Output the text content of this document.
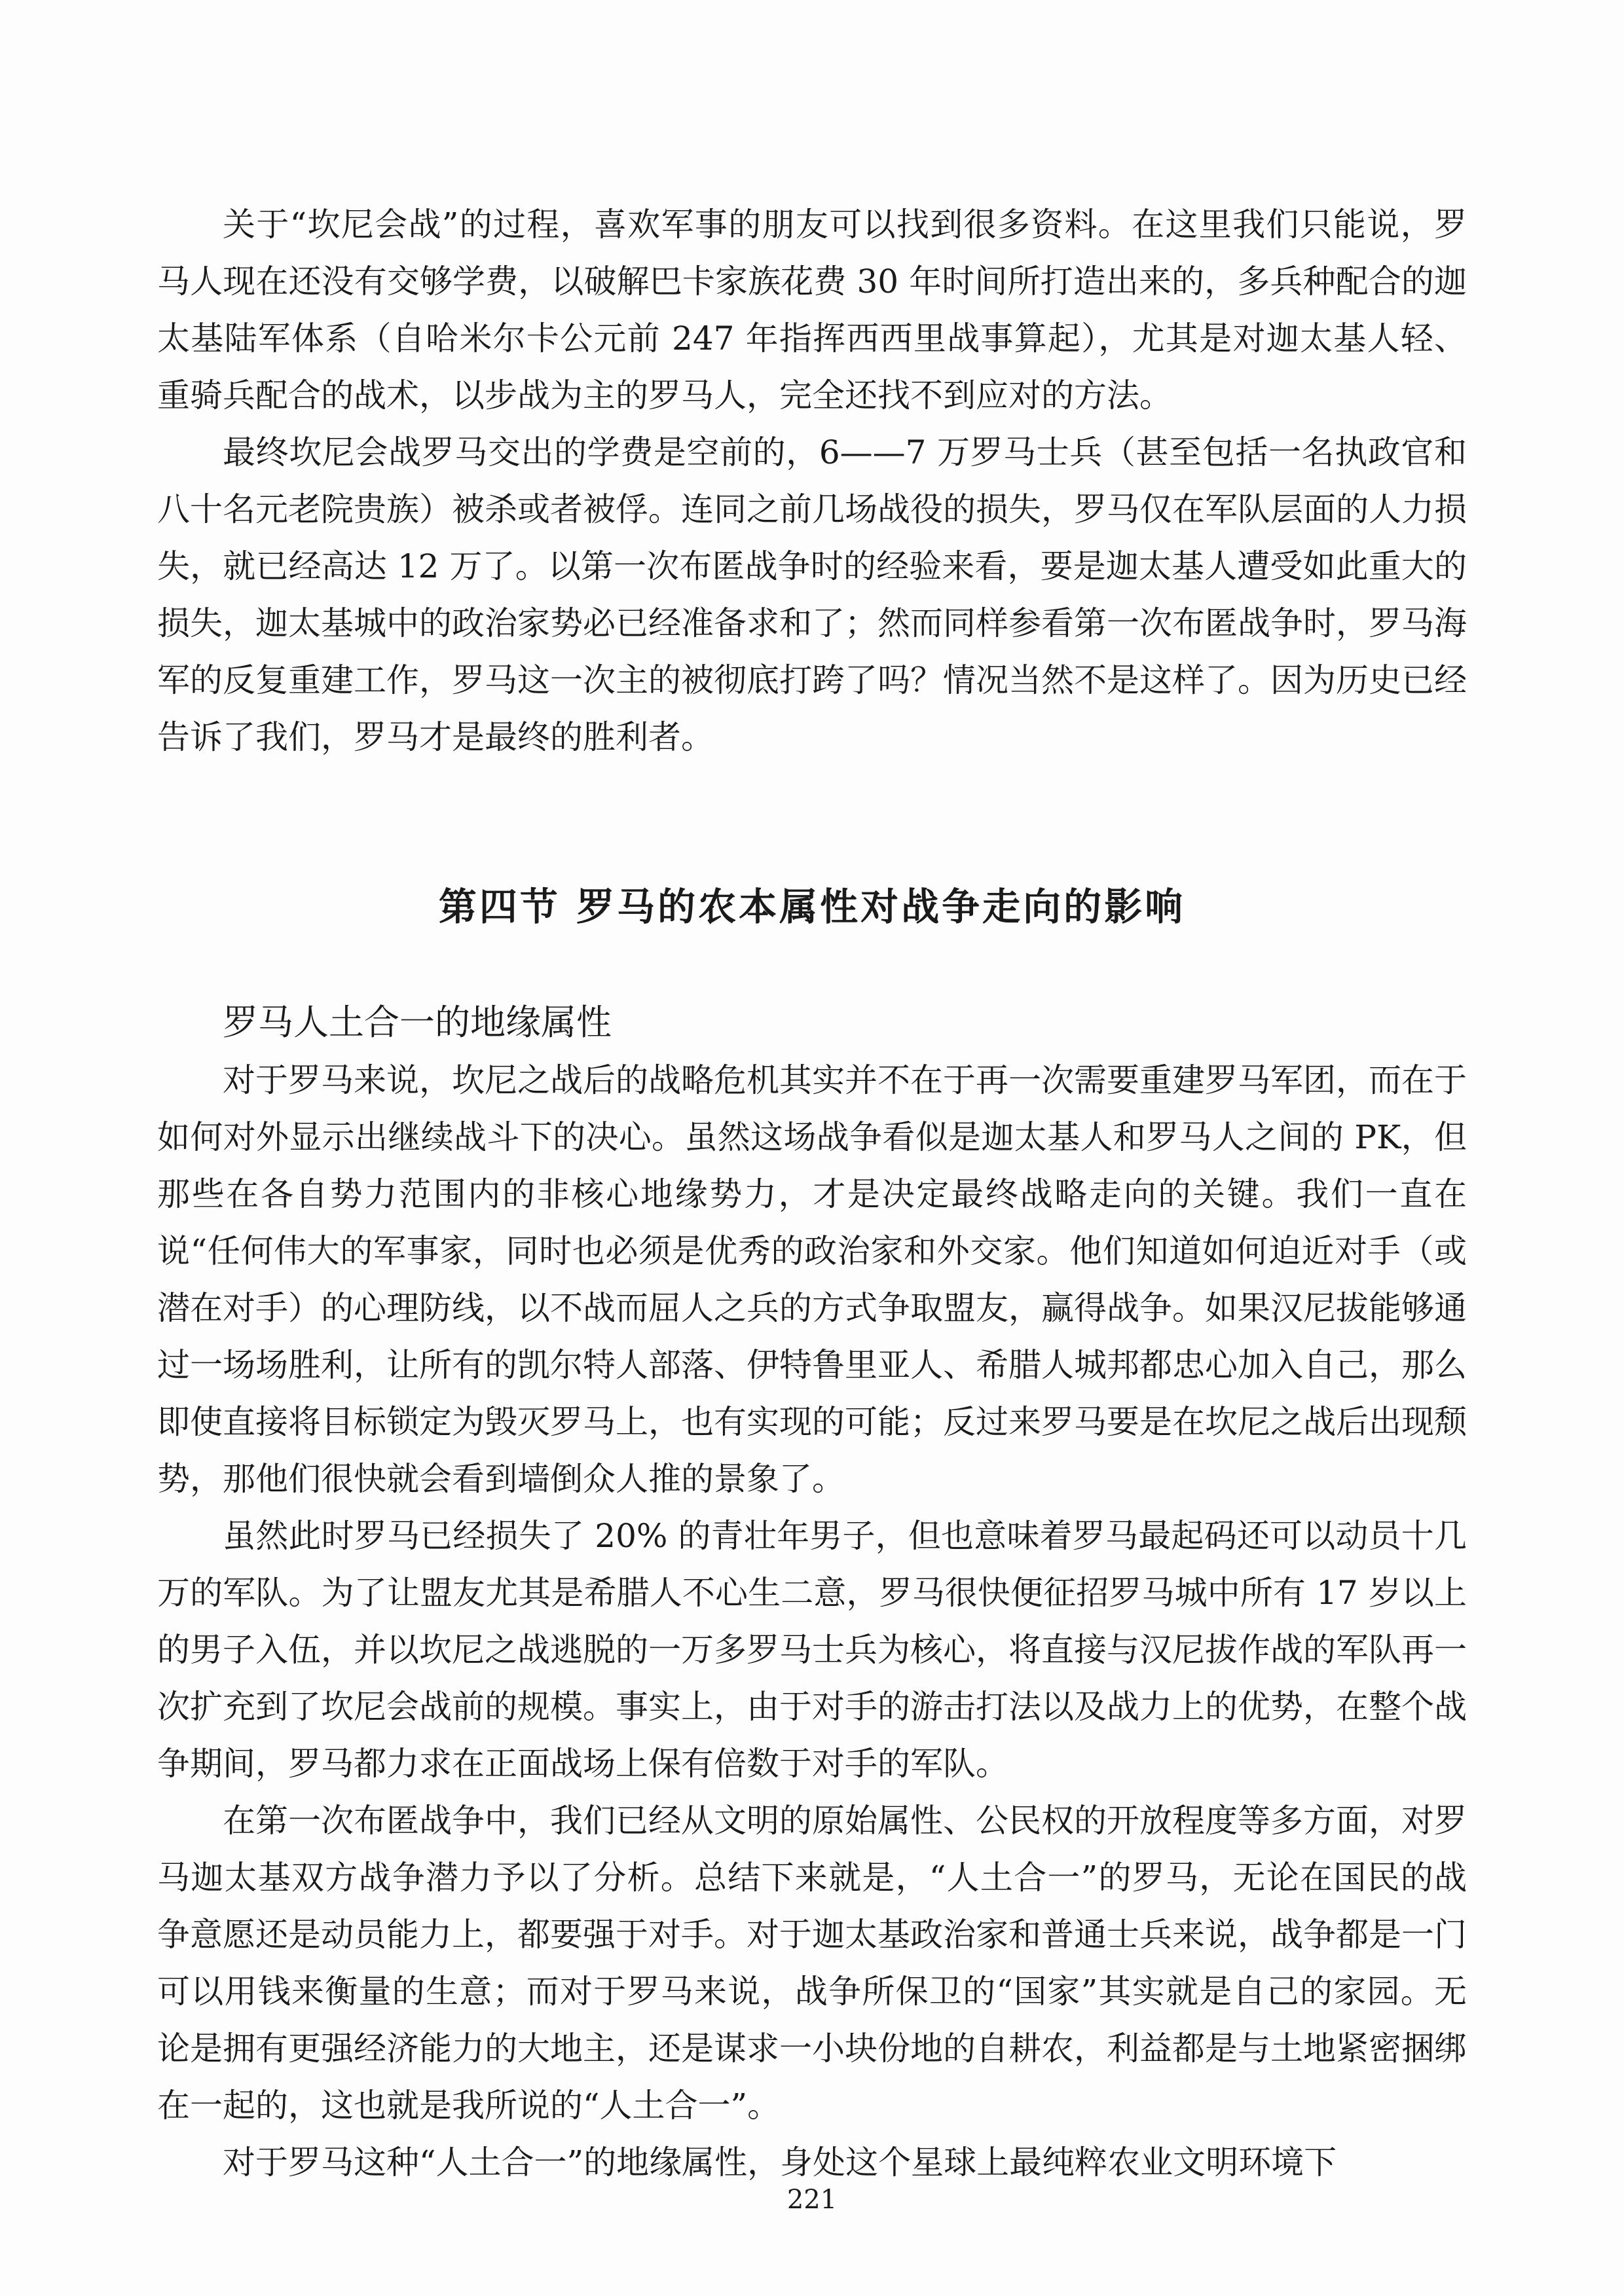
关于“坎尼会战”的过程，喜欢军事的朋友可以找到很多资料。在这里我们只能说，罗马人现在还没有交够学费，以破解巴卡家族花费 30 年时间所打造出来的，多兵种配合的迦太基陆军体系（自哈米尔卡公元前 247 年指挥西西里战事算起），尤其是对迦太基人轻、重骑兵配合的战术，以步战为主的罗马人，完全还找不到应对的方法。

最终坎尼会战罗马交出的学费是空前的，6——7 万罗马士兵（甚至包括一名执政官和八十名元老院贵族）被杀或者被俘。连同之前几场战役的损失，罗马仅在军队层面的人力损失，就已经高达 12 万了。以第一次布匿战争时的经验来看，要是迦太基人遭受如此重大的损失，迦太基城中的政治家势必已经准备求和了；然而同样参看第一次布匿战争时，罗马海军的反复重建工作，罗马这一次主的被彻底打跨了吗？情况当然不是这样了。因为历史已经告诉了我们，罗马才是最终的胜利者。

第四节 罗马的农本属性对战争走向的影响
罗马人土合一的地缘属性

对于罗马来说，坎尼之战后的战略危机其实并不在于再一次需要重建罗马军团，而在于如何对外显示出继续战斗下的决心。虽然这场战争看似是迦太基人和罗马人之间的 PK，但那些在各自势力范围内的非核心地缘势力，才是决定最终战略走向的关键。我们一直在说“任何伟大的军事家，同时也必须是优秀的政治家和外交家。他们知道如何迫近对手（或潜在对手）的心理防线，以不战而屈人之兵的方式争取盟友，赢得战争。如果汉尼拔能够通过一场场胜利，让所有的凯尔特人部落、伊特鲁里亚人、希腊人城邦都忠心加入自己，那么即使直接将目标锁定为毁灭罗马上，也有实现的可能；反过来罗马要是在坎尼之战后出现颓势，那他们很快就会看到墙倒众人推的景象了。

虽然此时罗马已经损失了 20% 的青壮年男子，但也意味着罗马最起码还可以动员十几万的军队。为了让盟友尤其是希腊人不心生二意，罗马很快便征招罗马城中所有 17 岁以上的男子入伍，并以坎尼之战逃脱的一万多罗马士兵为核心，将直接与汉尼拔作战的军队再一次扩充到了坎尼会战前的规模。事实上，由于对手的游击打法以及战力上的优势，在整个战争期间，罗马都力求在正面战场上保有倍数于对手的军队。

在第一次布匿战争中，我们已经从文明的原始属性、公民权的开放程度等多方面，对罗马迦太基双方战争潜力予以了分析。总结下来就是，“人土合一”的罗马，无论在国民的战争意愿还是动员能力上，都要强于对手。对于迦太基政治家和普通士兵来说，战争都是一门可以用钱来衡量的生意；而对于罗马来说，战争所保卫的“国家”其实就是自己的家园。无论是拥有更强经济能力的大地主，还是谋求一小块份地的自耕农，利益都是与土地紧密捆绑在一起的，这也就是我所说的“人土合一”。

对于罗马这种“人土合一”的地缘属性，身处这个星球上最纯粹农业文明环境下

221
